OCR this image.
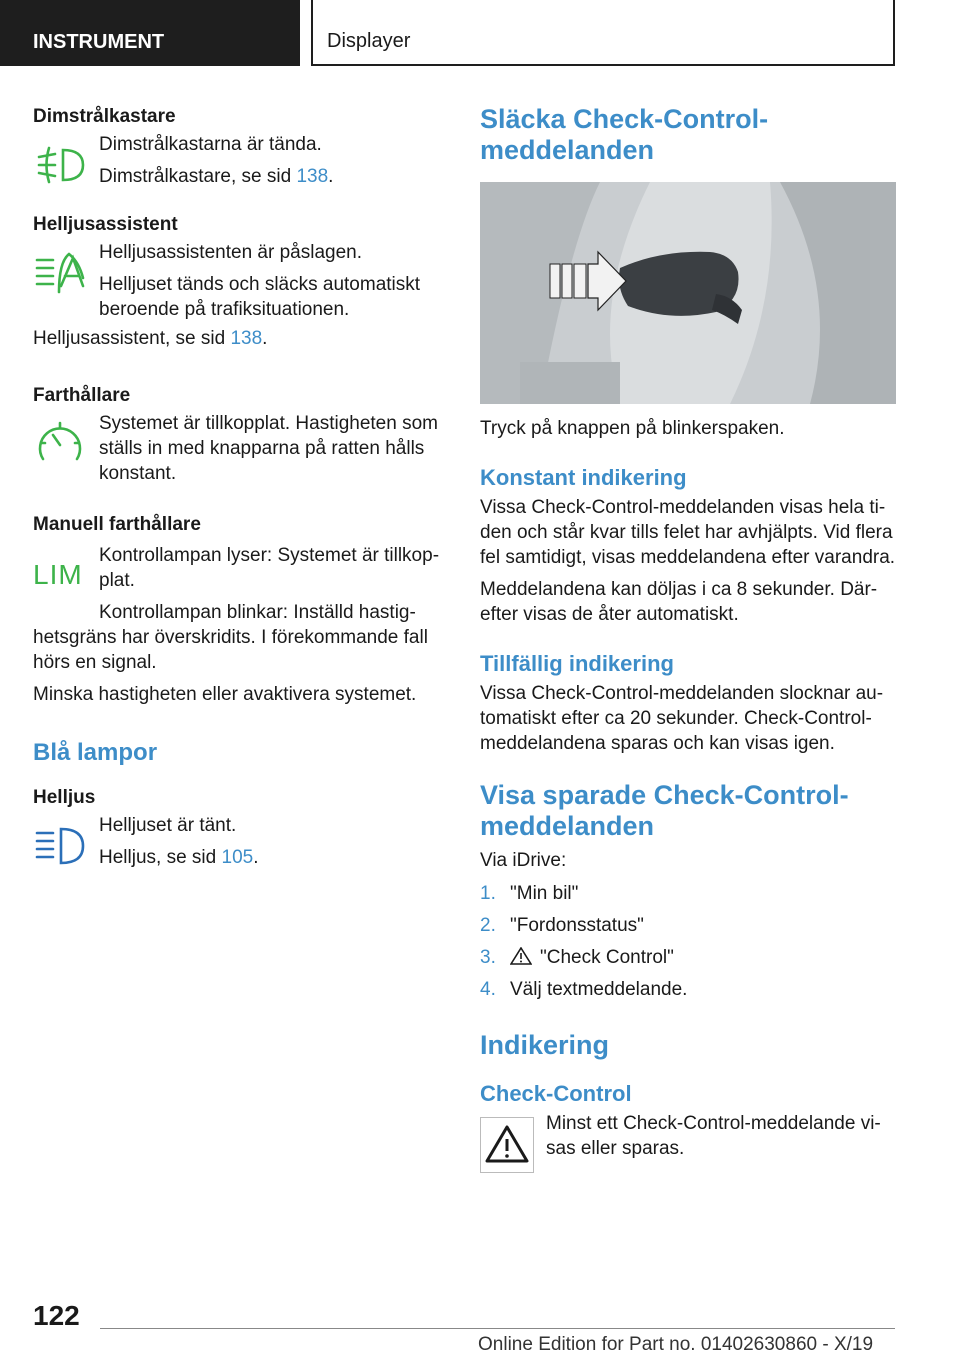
INSTRUMENT	Displayer
Dimstrålkastare
Dimstrålkastarna är tända.
Dimstrålkastare, se sid 138.
Helljusassistent
Helljusassistenten är påslagen.
Helljuset tänds och släcks automatiskt beroende på trafiksituationen.
Helljusassistent, se sid 138.
Farthållare
Systemet är tillkopplat. Hastigheten som ställs in med knapparna på ratten hålls konstant.
Manuell farthållare
LIM
Kontrollampan lyser: Systemet är tillkop-plat.
Kontrollampan blinkar: Inställd hastig-
hetsgräns har överskridits. I förekommande fall hörs en signal.
Minska hastigheten eller avaktivera systemet.
Blå lampor
Helljus
Helljuset är tänt.
Helljus, se sid 105.
Släcka Check-Control-meddelanden
Tryck på knappen på blinkerspaken.
Konstant indikering
Vissa Check-Control-meddelanden visas hela ti-den och står kvar tills felet har avhjälpts. Vid flera fel samtidigt, visas meddelandena efter varandra.
Meddelandena kan döljas i ca 8 sekunder. Där-efter visas de åter automatiskt.
Tillfällig indikering
Vissa Check-Control-meddelanden slocknar au-tomatiskt efter ca 20 sekunder. Check-Control-meddelandena sparas och kan visas igen.
Visa sparade Check-Control-meddelanden
Via iDrive:
1. "Min bil"
2. "Fordonsstatus"
3. "Check Control"
4. Välj textmeddelande.
Indikering
Check-Control
Minst ett Check-Control-meddelande vi-sas eller sparas.
122
Online Edition for Part no. 01402630860 - X/19
